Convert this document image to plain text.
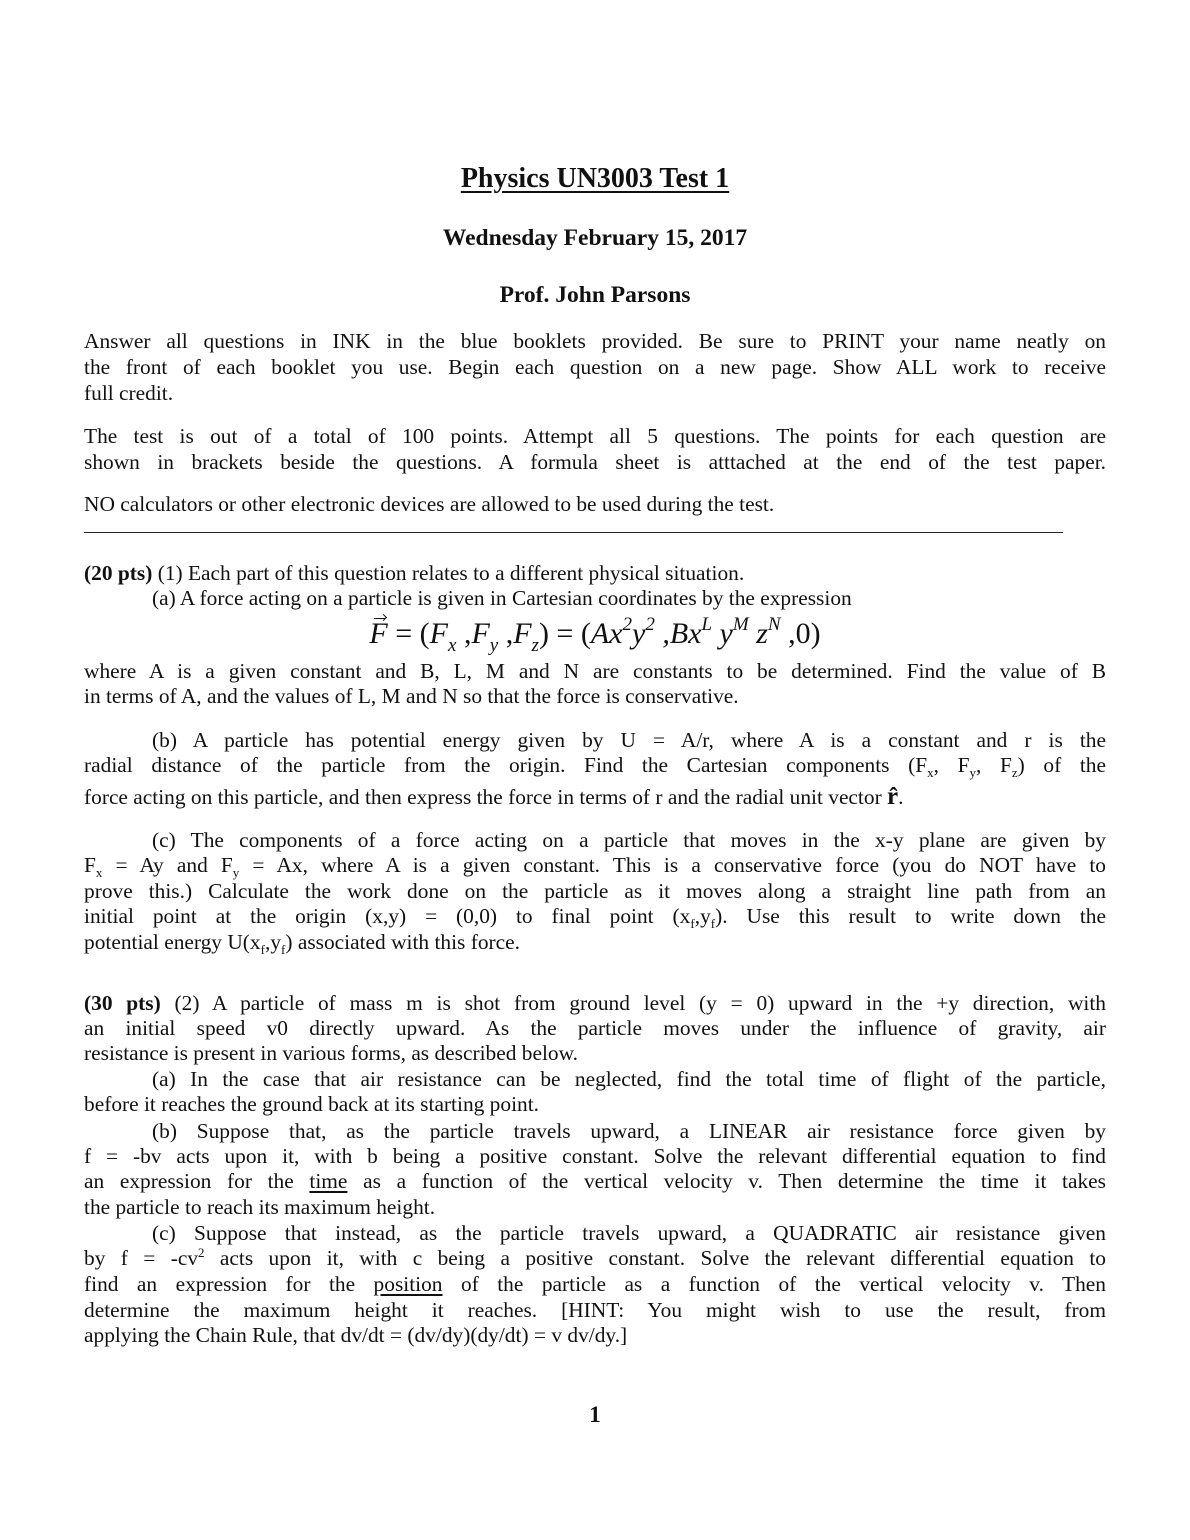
Physics UN3003 Test 1
Wednesday February 15, 2017
Prof. John Parsons
Answer all questions in INK in the blue booklets provided. Be sure to PRINT your name neatly on
the front of each booklet you use. Begin each question on a new page. Show ALL work to receive
full credit.
The test is out of a total of 100 points. Attempt all 5 questions. The points for each question are
shown in brackets beside the questions. A formula sheet is atttached at the end of the test paper.
NO calculators or other electronic devices are allowed to be used during the test.
(20 pts) (1) Each part of this question relates to a different physical situation.
(a) A force acting on a particle is given in Cartesian coordinates by the expression
$F = (F_x$ $,F_y$ $,F_z) = (Ax^2y^2$ $,Bx^L$ $y^M$ $z^N$ ,0)
where A is a given constant and B, L, M and N are constants to be determined. Find the value of B
in terms of A, and the values of L, M and N so that the force is conservative.
(b) A particle has potential energy given by U = A/r, where A is a constant and r is the
radial distance of the particle from the origin. Find the Cartesian components ($F_x$, $F_y$, $F_z$) of the
force acting on this particle, and then express the force in terms of r and the radial unit vector r̂.
(c) The components of a force acting on a particle that moves in the x-y plane are given by
$F_x = Ay$ and $F_y = Ax$, where A is a given constant. This is a conservative force (you do NOT have to
prove this.) Calculate the work done on the particle as it moves along a straight line path from an
initial point at the origin (x,y) = (0,0) to final point $(x_f,y_f)$. Use this result to write down the
potential energy $U(x_f,y_f)$ associated with this force.
(30 pts) (2) A particle of mass m is shot from ground level (y = 0) upward in the +y direction, with
an initial speed v0 directly upward. As the particle moves under the influence of gravity, air
resistance is present in various forms, as described below.
(a) In the case that air resistance can be neglected, find the total time of flight of the particle,
before it reaches the ground back at its starting point.
(b) Suppose that, as the particle travels upward, a LINEAR air resistance force given by
f = -bv acts upon it, with b being a positive constant. Solve the relevant differential equation to find
an expression for the time as a function of the vertical velocity v. Then determine the time it takes
the particle to reach its maximum height.
(c) Suppose that instead, as the particle travels upward, a QUADRATIC air resistance given
by $f = -cv^2$ acts upon it, with c being a positive constant. Solve the relevant differential equation to
find an expression for the position of the particle as a function of the vertical velocity v. Then
determine the maximum height it reaches. [HINT: You might wish to use the result, from
applying the Chain Rule, that dv/dt = (dv/dy)(dy/dt) = v dv/dy.]
1
